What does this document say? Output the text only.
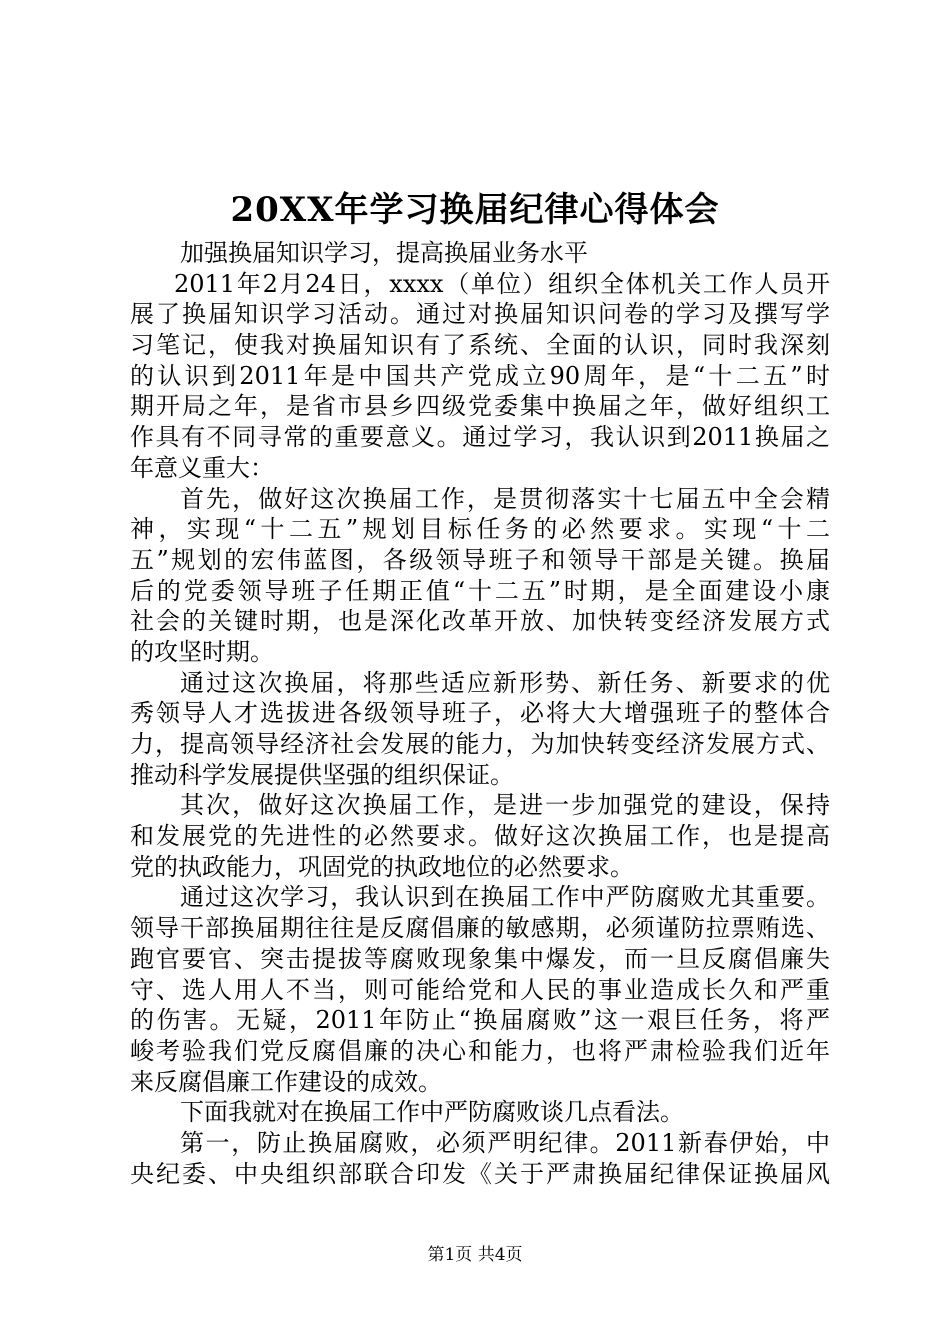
20XX年学习换届纪律心得体会
加强换届知识学习，提高换届业务水平
2011年2月24日，xxxx（单位）组织全体机关工作人员开
展了换届知识学习活动。通过对换届知识问卷的学习及撰写学
习笔记，使我对换届知识有了系统、全面的认识，同时我深刻
的认识到2011年是中国共产党成立90周年，是“十二五”时
期开局之年，是省市县乡四级党委集中换届之年，做好组织工
作具有不同寻常的重要意义。通过学习，我认识到2011换届之
年意义重大：
首先，做好这次换届工作，是贯彻落实十七届五中全会精
神，实现“十二五”规划目标任务的必然要求。实现“十二
五”规划的宏伟蓝图，各级领导班子和领导干部是关键。换届
后的党委领导班子任期正值“十二五”时期，是全面建设小康
社会的关键时期，也是深化改革开放、加快转变经济发展方式
的攻坚时期。
通过这次换届，将那些适应新形势、新任务、新要求的优
秀领导人才选拔进各级领导班子，必将大大增强班子的整体合
力，提高领导经济社会发展的能力，为加快转变经济发展方式、
推动科学发展提供坚强的组织保证。
其次，做好这次换届工作，是进一步加强党的建设，保持
和发展党的先进性的必然要求。做好这次换届工作，也是提高
党的执政能力，巩固党的执政地位的必然要求。
通过这次学习，我认识到在换届工作中严防腐败尤其重要。
领导干部换届期往往是反腐倡廉的敏感期，必须谨防拉票贿选、
跑官要官、突击提拔等腐败现象集中爆发，而一旦反腐倡廉失
守、选人用人不当，则可能给党和人民的事业造成长久和严重
的伤害。无疑，2011年防止“换届腐败”这一艰巨任务，将严
峻考验我们党反腐倡廉的决心和能力，也将严肃检验我们近年
来反腐倡廉工作建设的成效。
下面我就对在换届工作中严防腐败谈几点看法。
第一，防止换届腐败，必须严明纪律。2011新春伊始，中
央纪委、中央组织部联合印发《关于严肃换届纪律保证换届风
第1页 共4页
